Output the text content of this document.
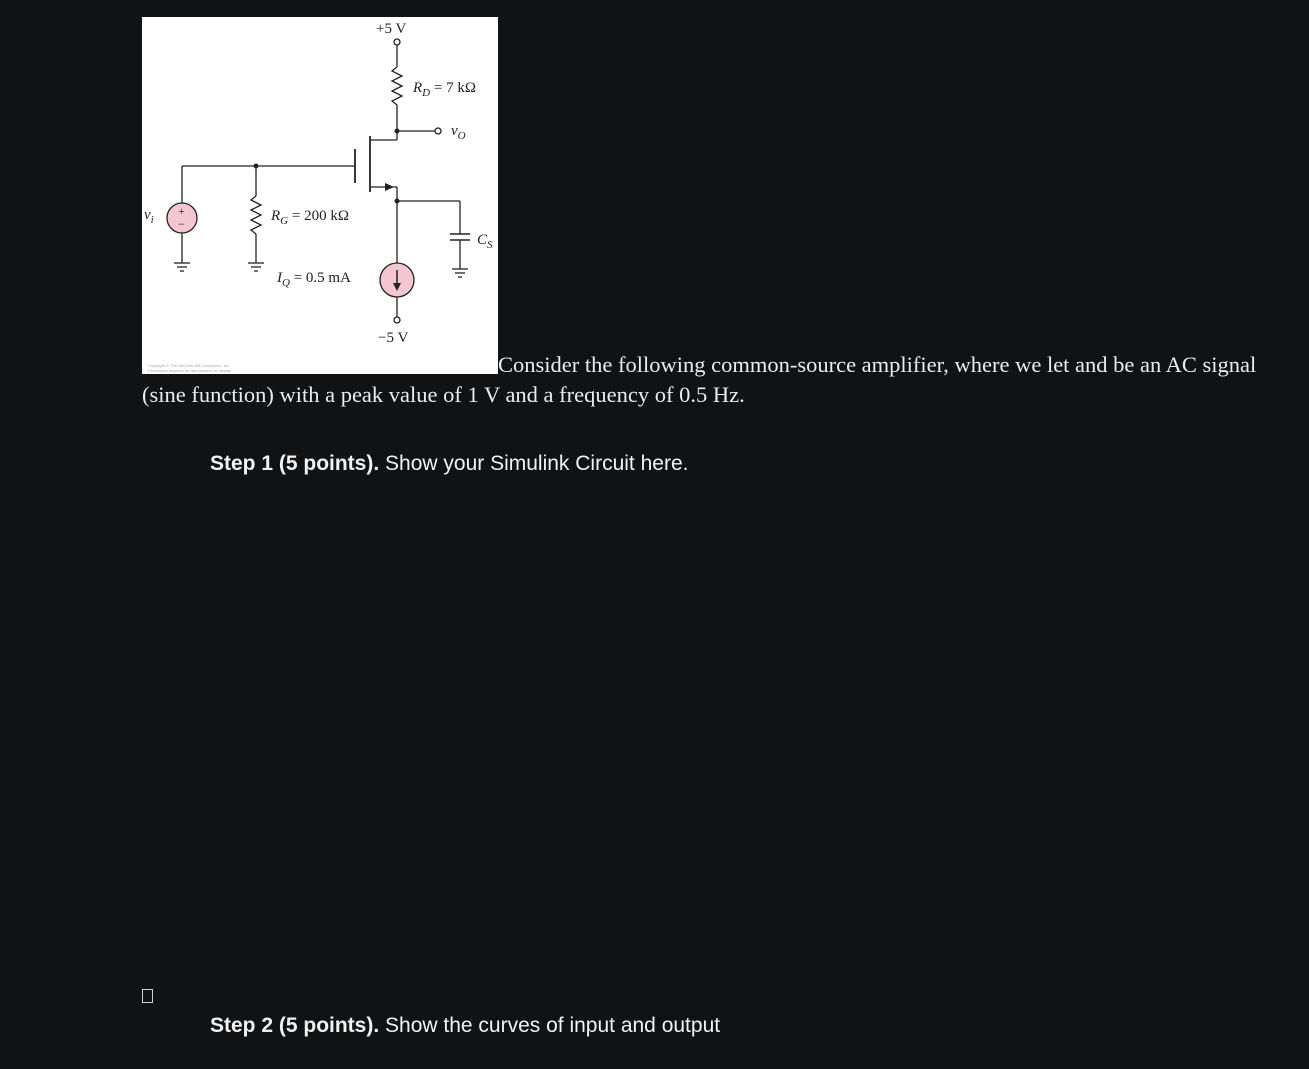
+5 V
$R_D = 7$ kΩ
$v_O$
+
−
$v_i$	$R_G = 200$ kΩ
$C_S$
$I_Q = 0.5$ mA
−5 V
Copyright © The McGraw-Hill Companies, Inc.
Permission required for reproduction or display.	Consider the following common-source amplifier, where we let and be an AC signal
(sine function) with a peak value of 1 V and a frequency of 0.5 Hz.
Step 1 (5 points). Show your Simulink Circuit here.
Step 2 (5 points). Show the curves of input and output
